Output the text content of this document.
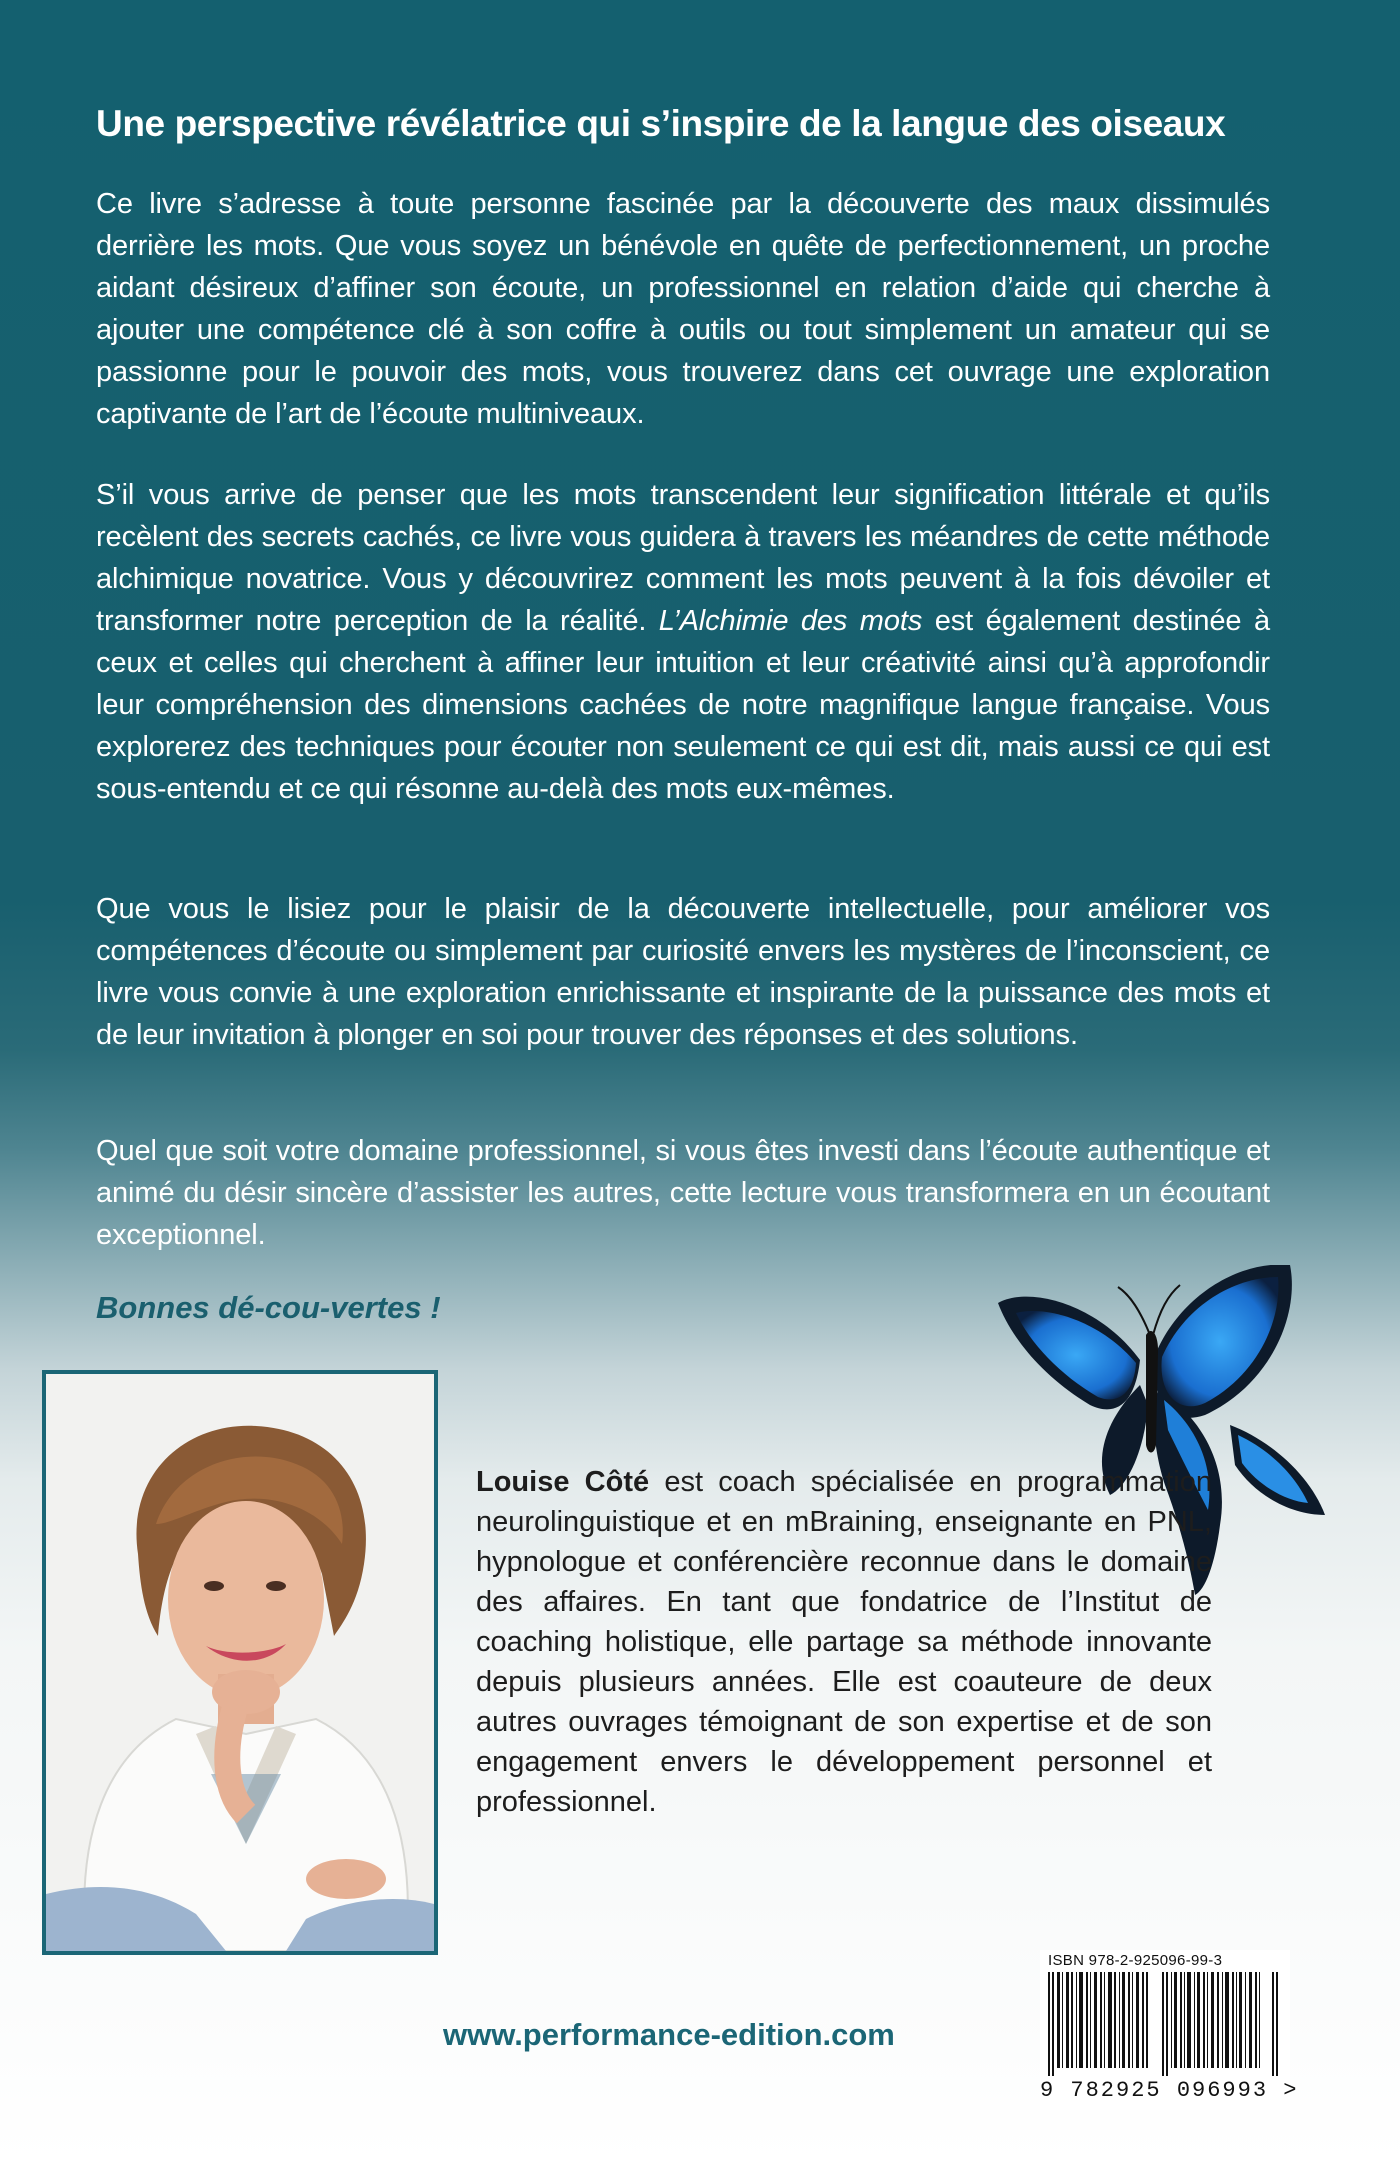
Une perspective révélatrice qui s’inspire de la langue des oiseaux

Ce livre s’adresse à toute personne fascinée par la découverte des maux dissimulés derrière les mots. Que vous soyez un bénévole en quête de perfectionnement, un proche aidant désireux d’affiner son écoute, un professionnel en relation d’aide qui cherche à ajouter une compétence clé à son coffre à outils ou tout simplement un amateur qui se passionne pour le pouvoir des mots, vous trouverez dans cet ouvrage une exploration captivante de l’art de l’écoute multiniveaux.

S’il vous arrive de penser que les mots transcendent leur signification littérale et qu’ils recèlent des secrets cachés, ce livre vous guidera à travers les méandres de cette méthode alchimique novatrice. Vous y découvrirez comment les mots peuvent à la fois dévoiler et transformer notre perception de la réalité. L’Alchimie des mots est également destinée à ceux et celles qui cherchent à affiner leur intuition et leur créativité ainsi qu’à approfondir leur compréhension des dimensions cachées de notre magnifique langue française. Vous explorerez des techniques pour écouter non seulement ce qui est dit, mais aussi ce qui est sous-entendu et ce qui résonne au-delà des mots eux-mêmes.

Que vous le lisiez pour le plaisir de la découverte intellectuelle, pour améliorer vos compétences d’écoute ou simplement par curiosité envers les mystères de l’inconscient, ce livre vous convie à une exploration enrichissante et inspirante de la puissance des mots et de leur invitation à plonger en soi pour trouver des réponses et des solutions.

Quel que soit votre domaine professionnel, si vous êtes investi dans l’écoute authentique et animé du désir sincère d’assister les autres, cette lecture vous transformera en un écoutant exceptionnel.

Bonnes dé-cou-vertes !

Louise Côté est coach spécialisée en programmation neurolinguistique et en mBraining, enseignante en PNL, hypnologue et conférencière reconnue dans le domaine des affaires. En tant que fondatrice de l’Institut de coaching holistique, elle partage sa méthode innovante depuis plusieurs années. Elle est coauteure de deux autres ouvrages témoignant de son expertise et de son engagement envers le développement personnel et professionnel.

www.performance-edition.com

ISBN 978-2-925096-99-3
9 782925 096993 >
